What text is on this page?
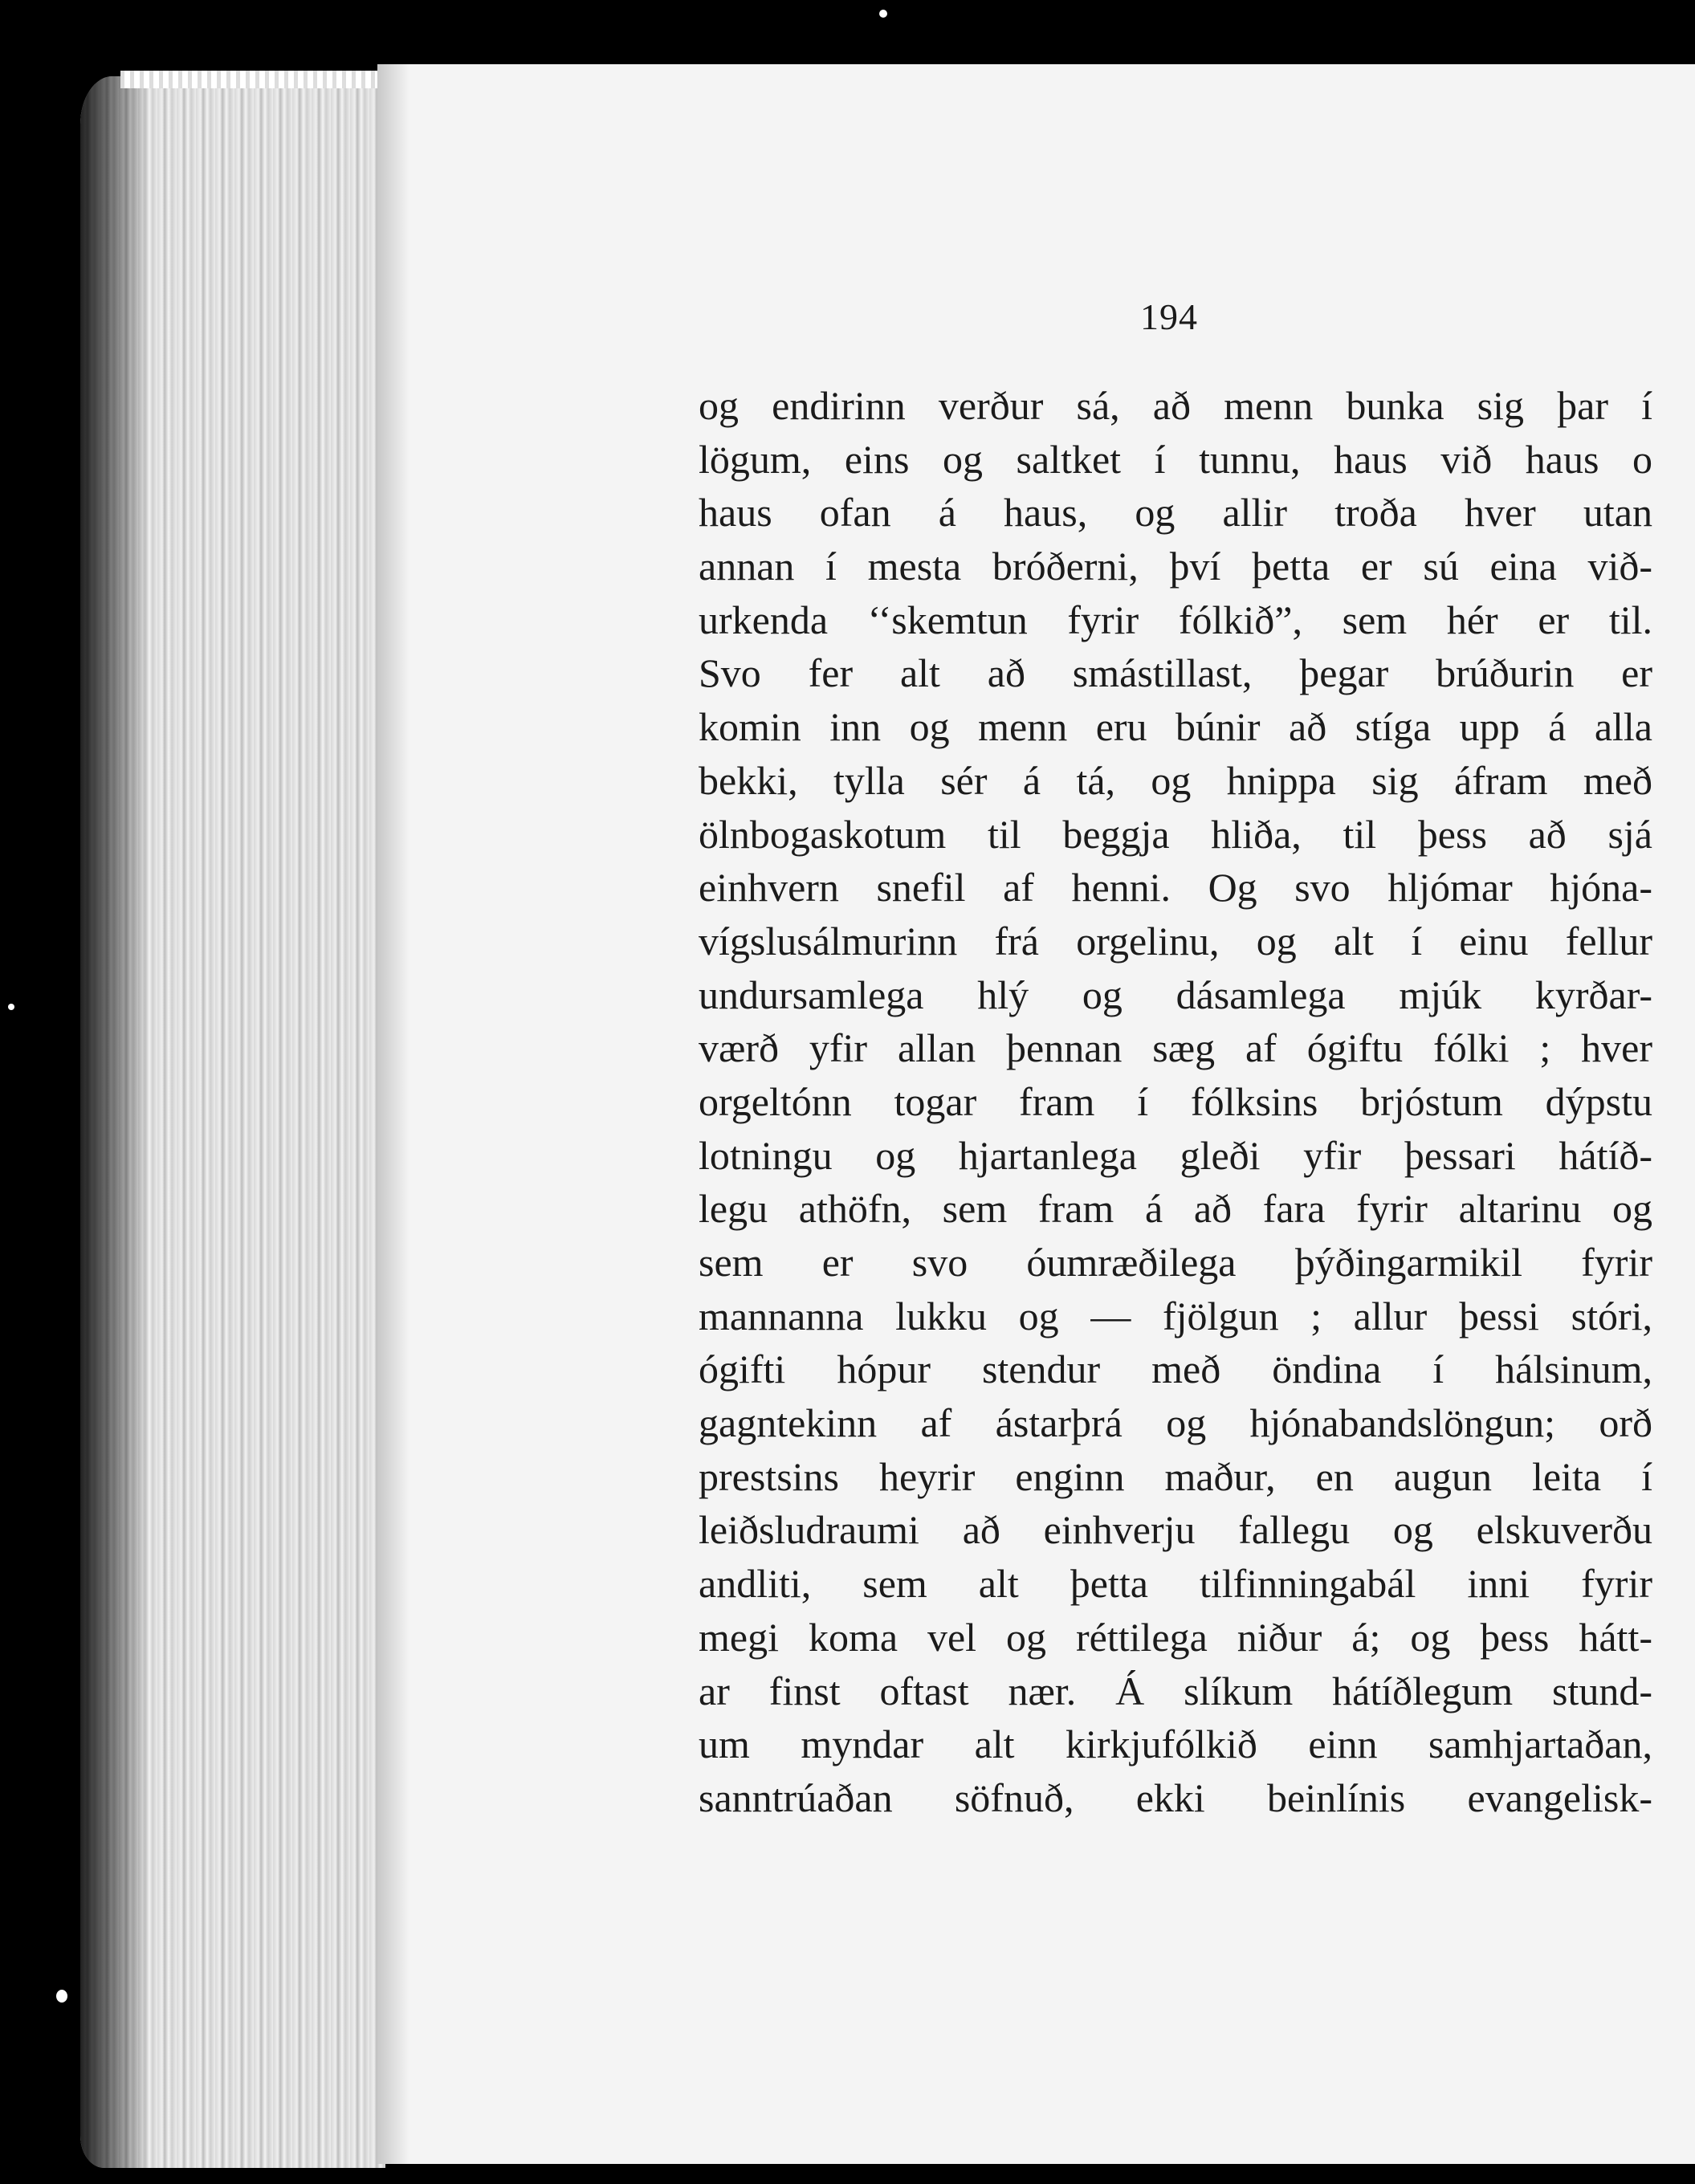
194
og endirinn verður sá, að menn bunka sig þar í
lögum, eins og saltket í tunnu, haus við haus o
haus ofan á haus, og allir troða hver utan
annan í mesta bróðerni, því þetta er sú eina við-
urkenda ‘‘skemtun fyrir fólkið”, sem hér er til.
Svo fer alt að smástillast, þegar brúðurin er
komin inn og menn eru búnir að stíga upp á alla
bekki, tylla sér á tá, og hnippa sig áfram með
ölnbogaskotum til beggja hliða, til þess að sjá
einhvern snefil af henni. Og svo hljómar hjóna-
vígslusálmurinn frá orgelinu, og alt í einu fellur
undursamlega hlý og dásamlega mjúk kyrðar-
værð yfir allan þennan sæg af ógiftu fólki ; hver
orgeltónn togar fram í fólksins brjóstum dýpstu
lotningu og hjartanlega gleði yfir þessari hátíð-
legu athöfn, sem fram á að fara fyrir altarinu og
sem er svo óumræðilega þýðingarmikil fyrir
mannanna lukku og — fjölgun ; allur þessi stóri,
ógifti hópur stendur með öndina í hálsinum,
gagntekinn af ástarþrá og hjónabandslöngun; orð
prestsins heyrir enginn maður, en augun leita í
leiðsludraumi að einhverju fallegu og elskuverðu
andliti, sem alt þetta tilfinningabál inni fyrir
megi koma vel og réttilega niður á; og þess hátt-
ar finst oftast nær. Á slíkum hátíðlegum stund-
um myndar alt kirkjufólkið einn samhjartaðan,
sanntrúaðan söfnuð, ekki beinlínis evangelisk-
